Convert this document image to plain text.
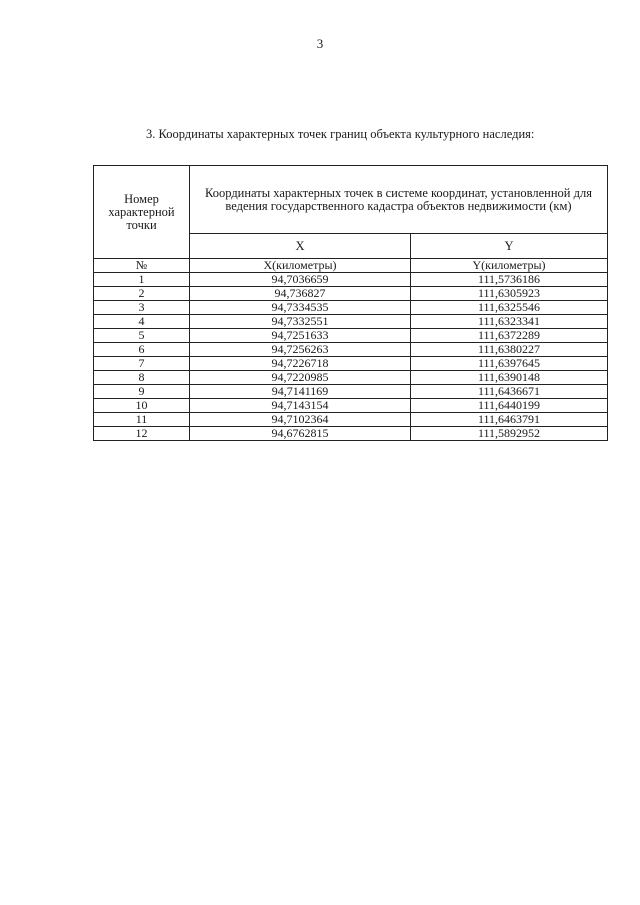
3
3. Координаты характерных точек границ объекта культурного наследия:
Номер характерной точки	Координаты характерных точек в системе координат, установленной для ведения государственного кадастра объектов недвижимости (км)	
	X	Y
№	X(километры)	Y(километры)
1	94,7036659	111,5736186
2	94,736827	111,6305923
3	94,7334535	111,6325546
4	94,7332551	111,6323341
5	94,7251633	111,6372289
6	94,7256263	111,6380227
7	94,7226718	111,6397645
8	94,7220985	111,6390148
9	94,7141169	111,6436671
10	94,7143154	111,6440199
11	94,7102364	111,6463791
12	94,6762815	111,5892952
